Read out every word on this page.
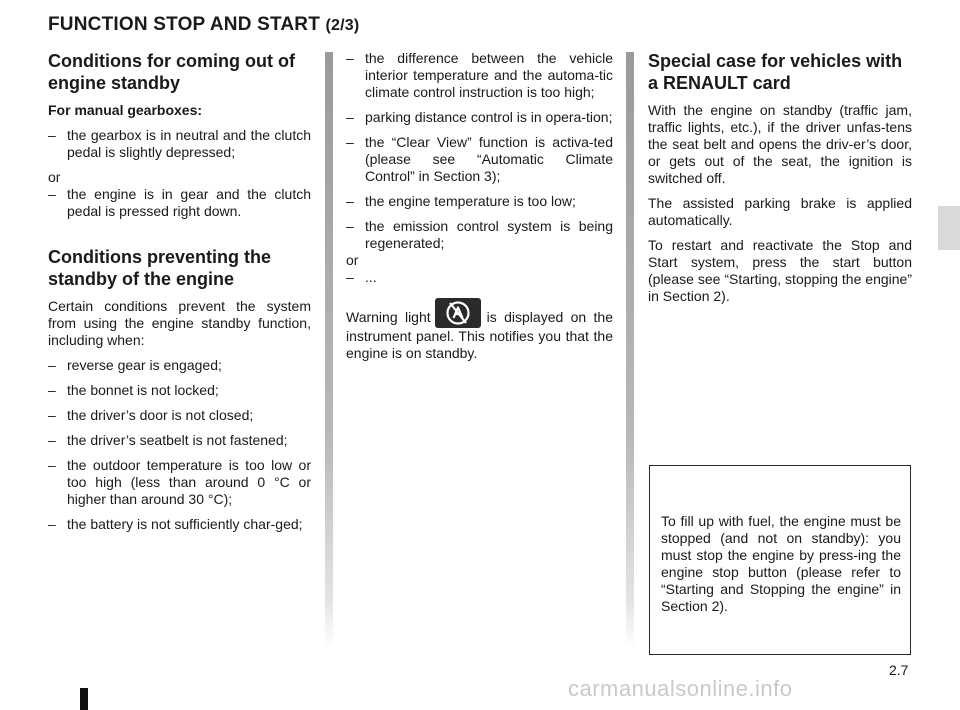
FUNCTION STOP AND START (2/3)
Conditions for coming out of engine standby
For manual gearboxes:
– the gearbox is in neutral and the clutch pedal is slightly depressed;
or
– the engine is in gear and the clutch pedal is pressed right down.
Conditions preventing the standby of the engine

Certain conditions prevent the system from using the engine standby function, including when:

– reverse gear is engaged;
– the bonnet is not locked;
– the driver’s door is not closed;
– the driver’s seatbelt is not fastened;
– the outdoor temperature is too low or too high (less than around 0 °C or higher than around 30 °C);
– the battery is not sufficiently char-ged;
– the difference between the vehicle interior temperature and the automa-tic climate control instruction is too high;
– parking distance control is in opera-tion;
– the “Clear View” function is activa-ted (please see “Automatic Climate Control” in Section 3);
– the engine temperature is too low;
– the emission control system is being regenerated;
or
– ...

Warning light	is displayed on the instrument panel. This notifies you that the engine is on standby.

Special case for vehicles with a RENAULT card

With the engine on standby (traffic jam, traffic lights, etc.), if the driver unfas-tens the seat belt and opens the driv-er’s door, or gets out of the seat, the ignition is switched off.

The assisted parking brake is applied automatically.

To restart and reactivate the Stop and Start system, press the start button (please see “Starting, stopping the engine” in Section 2).

To fill up with fuel, the engine must be stopped (and not on standby): you must stop the engine by press-ing the engine stop button (please refer to “Starting and Stopping the engine” in Section 2).

2.7
carmanualsonline.info
